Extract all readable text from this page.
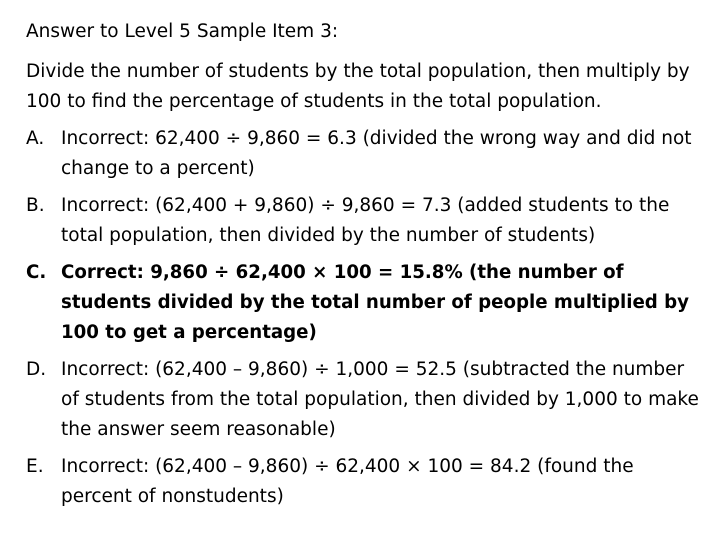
Answer to Level 5 Sample Item 3:

Divide the number of students by the total population, then multiply by 100 to find the percentage of students in the total population.

A. Incorrect: 62,400 ÷ 9,860 = 6.3 (divided the wrong way and did not change to a percent)
B. Incorrect: (62,400 + 9,860) ÷ 9,860 = 7.3 (added students to the total population, then divided by the number of students)
C. Correct: 9,860 ÷ 62,400 × 100 = 15.8% (the number of students divided by the total number of people multiplied by 100 to get a percentage)
D. Incorrect: (62,400 – 9,860) ÷ 1,000 = 52.5 (subtracted the number of students from the total population, then divided by 1,000 to make the answer seem reasonable)
E. Incorrect: (62,400 – 9,860) ÷ 62,400 × 100 = 84.2 (found the percent of nonstudents)
